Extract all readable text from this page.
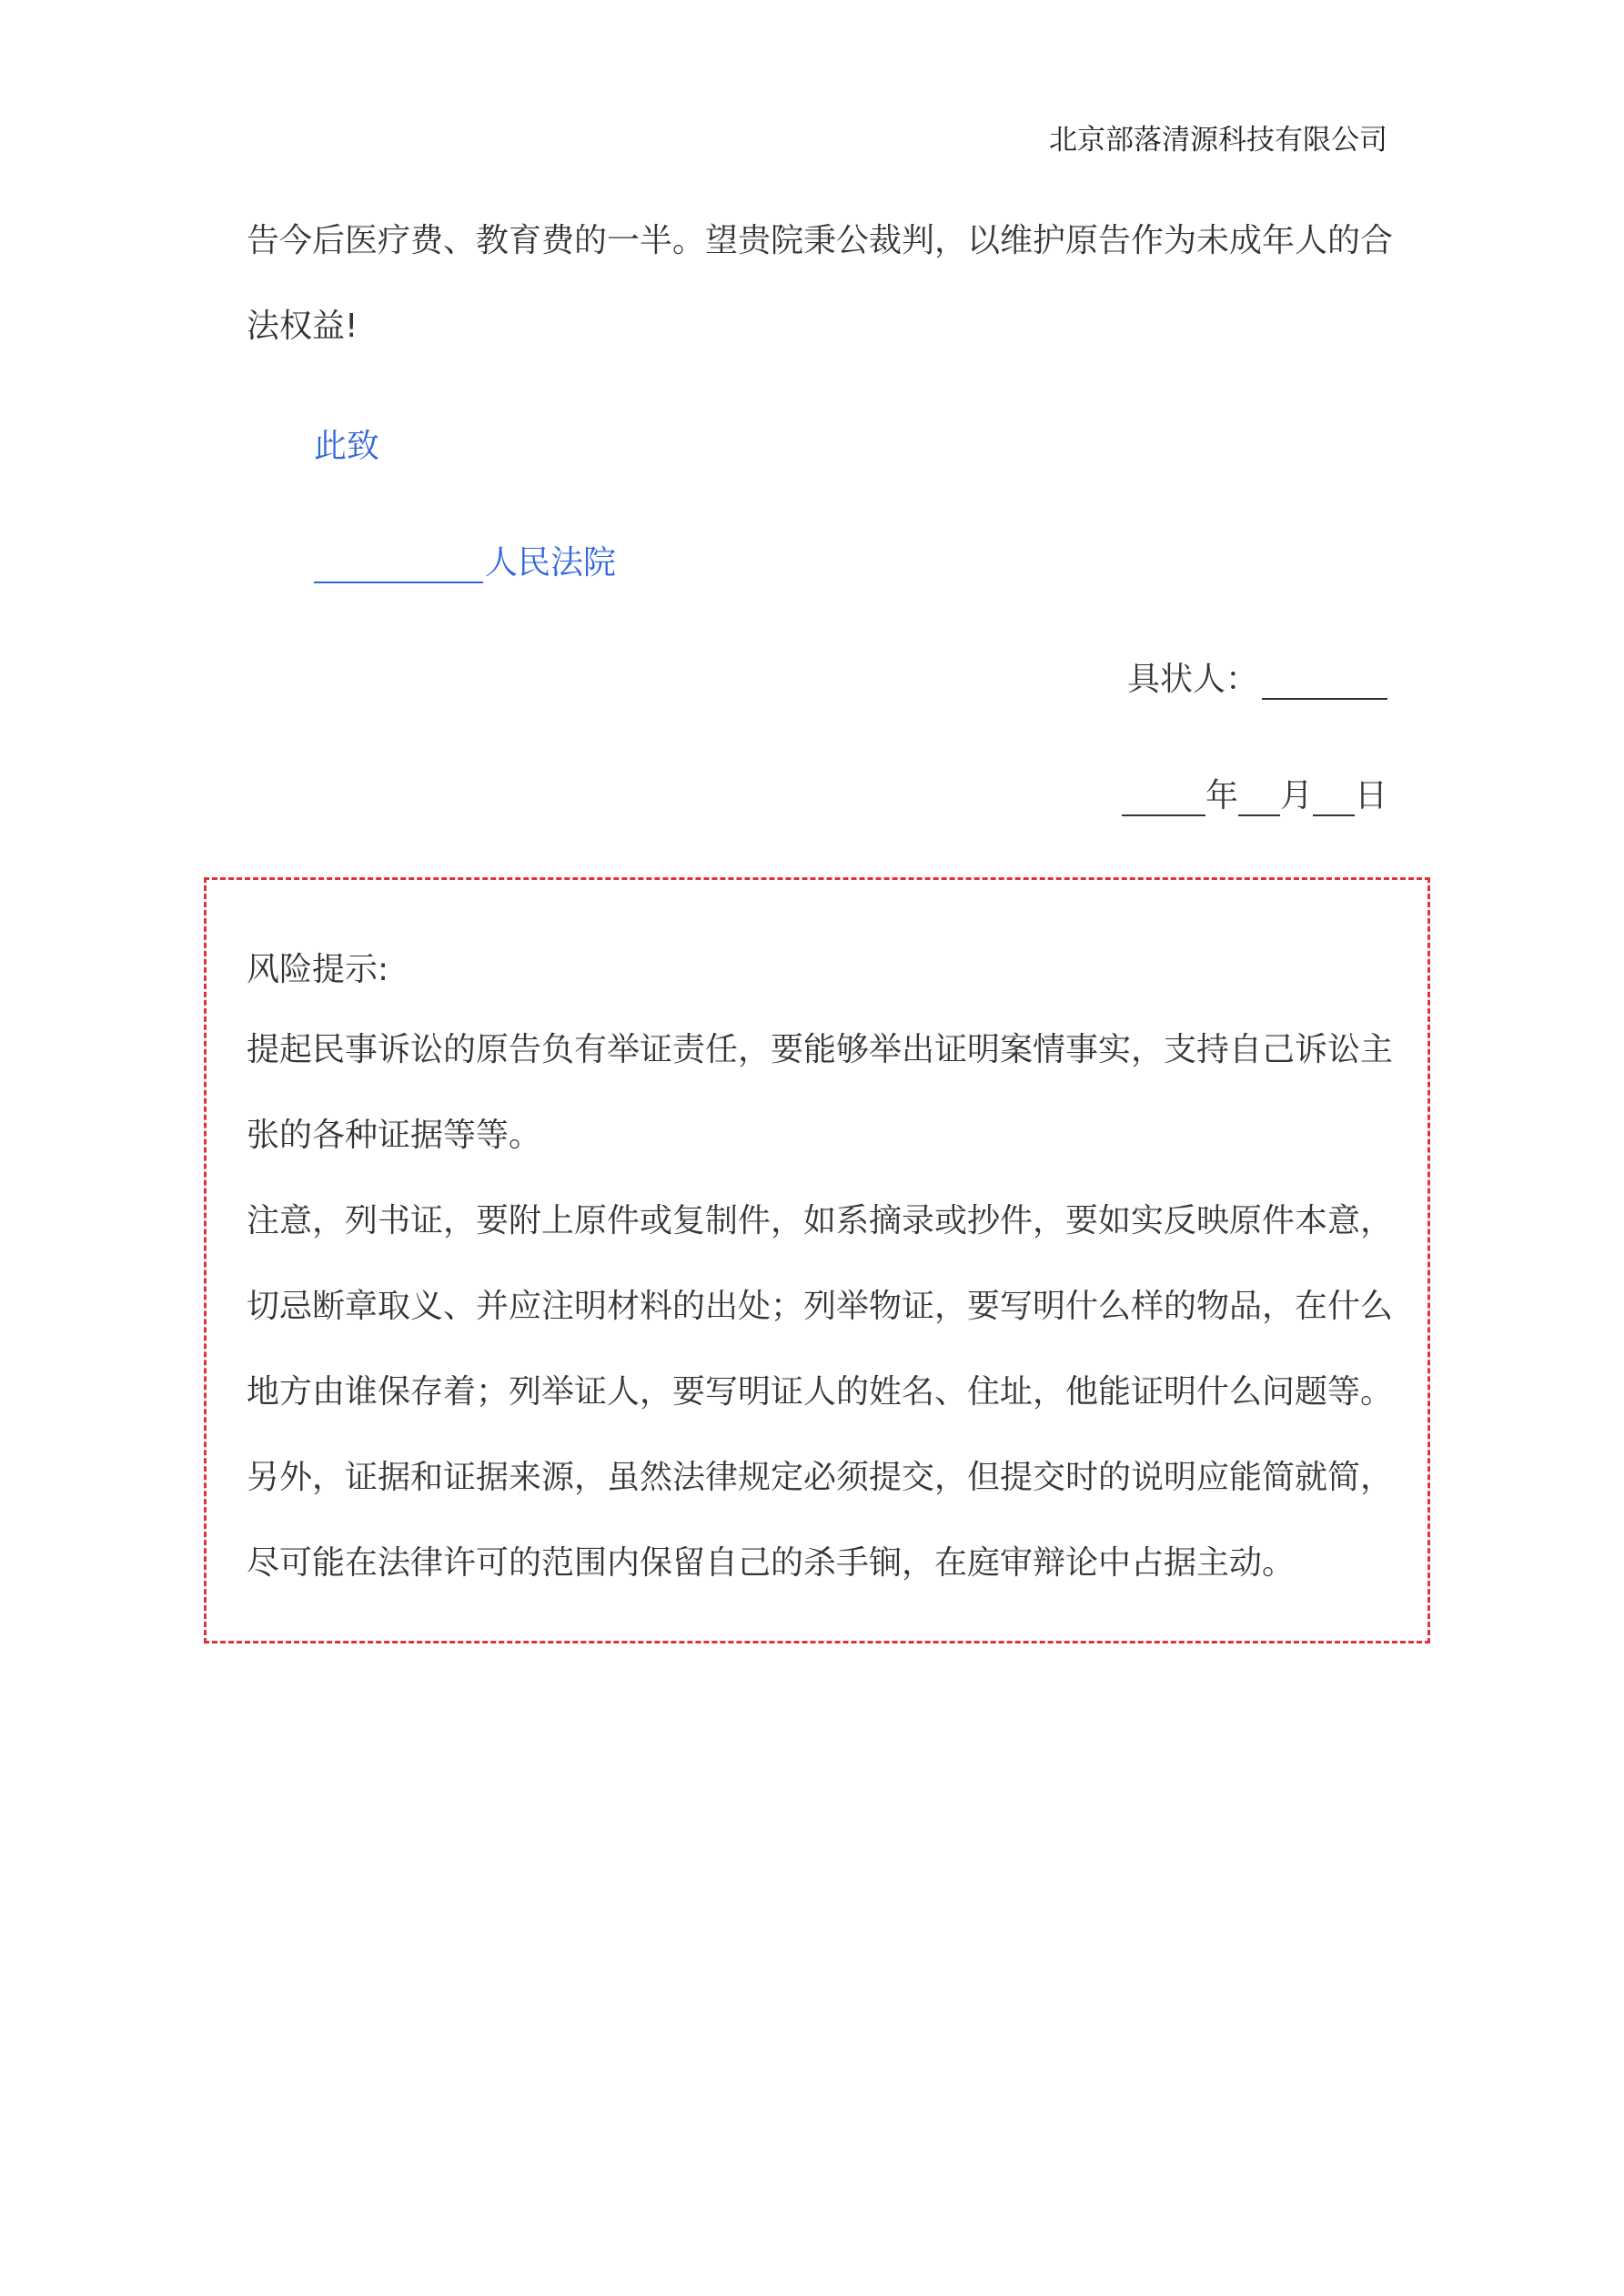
北京部落清源科技有限公司
告今后医疗费、教育费的一半。望贵院秉公裁判，以维护原告作为未成年人的合法权益!
此致
人民法院
具状人：
年 月 日
风险提示:
提起民事诉讼的原告负有举证责任，要能够举出证明案情事实，支持自己诉讼主张的各种证据等等。
注意，列书证，要附上原件或复制件，如系摘录或抄件，要如实反映原件本意，切忌断章取义、并应注明材料的出处；列举物证，要写明什么样的物品，在什么地方由谁保存着；列举证人，要写明证人的姓名、住址，他能证明什么问题等。
另外，证据和证据来源，虽然法律规定必须提交，但提交时的说明应能简就简，尽可能在法律许可的范围内保留自己的杀手锏，在庭审辩论中占据主动。
